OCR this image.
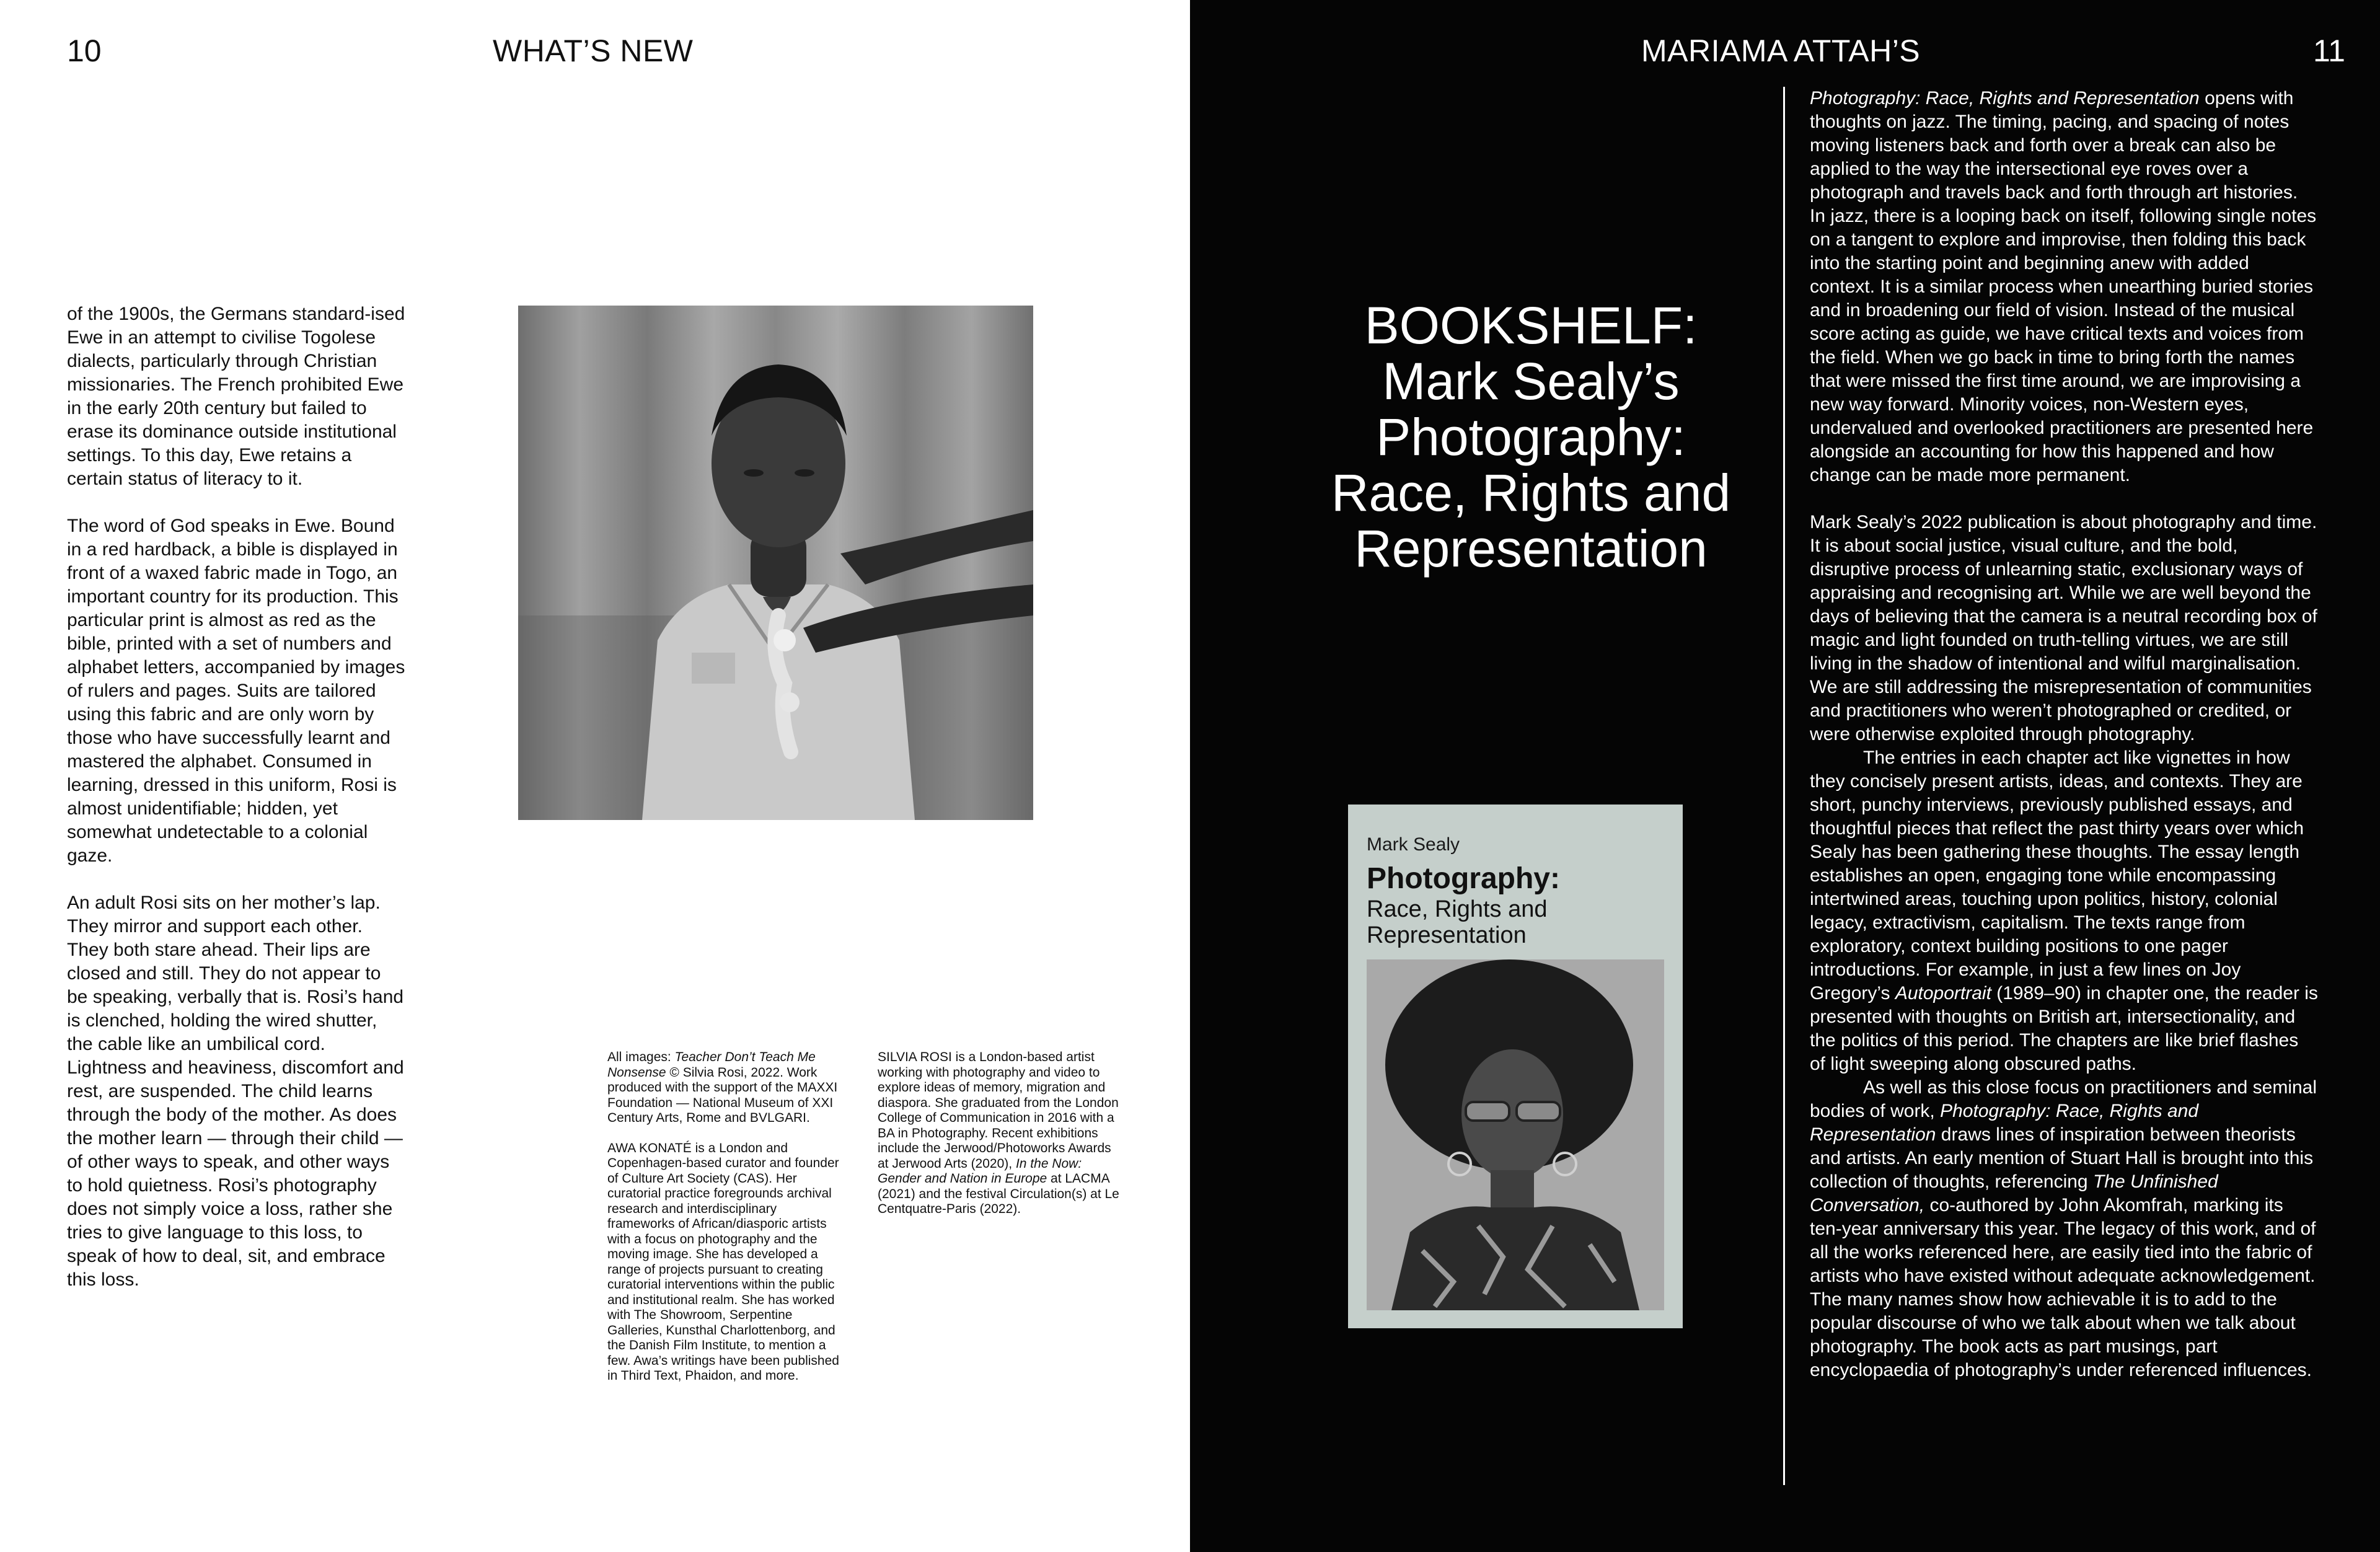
10	WHAT’S NEW

of the 1900s, the Germans standard-ised Ewe in an attempt to civilise Togolese dialects, particularly through Christian missionaries. The French prohibited Ewe in the early 20th century but failed to erase its dominance outside institutional settings. To this day, Ewe retains a certain status of literacy to it.

The word of God speaks in Ewe. Bound in a red hardback, a bible is displayed in front of a waxed fabric made in Togo, an important country for its production. This particular print is almost as red as the bible, printed with a set of numbers and alphabet letters, accompanied by images of rulers and pages. Suits are tailored using this fabric and are only worn by those who have successfully learnt and mastered the alphabet. Consumed in learning, dressed in this uniform, Rosi is almost unidentifiable; hidden, yet somewhat undetectable to a colonial gaze.

An adult Rosi sits on her mother’s lap. They mirror and support each other. They both stare ahead. Their lips are closed and still. They do not appear to be speaking, verbally that is. Rosi’s hand is clenched, holding the wired shutter, the cable like an umbilical cord. Lightness and heaviness, discomfort and rest, are suspended. The child learns through the body of the mother. As does the mother learn — through their child — of other ways to speak, and other ways to hold quietness. Rosi’s photography does not simply voice a loss, rather she tries to give language to this loss, to speak of how to deal, sit, and embrace this loss.

All images: Teacher Don’t Teach Me Nonsense © Silvia Rosi, 2022. Work produced with the support of the MAXXI Foundation — National Museum of XXI Century Arts, Rome and BVLGARI.

AWA KONATÉ is a London and Copenhagen-based curator and founder of Culture Art Society (CAS). Her curatorial practice foregrounds archival research and interdisciplinary frameworks of African/diasporic artists with a focus on photography and the moving image. She has developed a range of projects pursuant to creating curatorial interventions within the public and institutional realm. She has worked with The Showroom, Serpentine Galleries, Kunsthal Charlottenborg, and the Danish Film Institute, to mention a few. Awa’s writings have been published in Third Text, Phaidon, and more.

SILVIA ROSI is a London-based artist working with photography and video to explore ideas of memory, migration and diaspora. She graduated from the London College of Communication in 2016 with a BA in Photography. Recent exhibitions include the Jerwood/Photoworks Awards at Jerwood Arts (2020), In the Now: Gender and Nation in Europe at LACMA (2021) and the festival Circulation(s) at Le Centquatre-Paris (2022).

MARIAMA ATTAH’S	11
BOOKSHELF:
Mark Sealy’s
Photography:
Race, Rights and
Representation
Mark Sealy
Photography:
Race, Rights and Representation

Photography: Race, Rights and Representation opens with thoughts on jazz. The timing, pacing, and spacing of notes moving listeners back and forth over a break can also be applied to the way the intersectional eye roves over a photograph and travels back and forth through art histories. In jazz, there is a looping back on itself, following single notes on a tangent to explore and improvise, then folding this back into the starting point and beginning anew with added context. It is a similar process when unearthing buried stories and in broadening our field of vision. Instead of the musical score acting as guide, we have critical texts and voices from the field. When we go back in time to bring forth the names that were missed the first time around, we are improvising a new way forward. Minority voices, non-Western eyes, undervalued and overlooked practitioners are presented here alongside an accounting for how this happened and how change can be made more permanent.

Mark Sealy’s 2022 publication is about photography and time. It is about social justice, visual culture, and the bold, disruptive process of unlearning static, exclusionary ways of appraising and recognising art. While we are well beyond the days of believing that the camera is a neutral recording box of magic and light founded on truth-telling virtues, we are still living in the shadow of intentional and wilful marginalisation. We are still addressing the misrepresentation of communities and practitioners who weren’t photographed or credited, or were otherwise exploited through photography.

The entries in each chapter act like vignettes in how they concisely present artists, ideas, and contexts. They are short, punchy interviews, previously published essays, and thoughtful pieces that reflect the past thirty years over which Sealy has been gathering these thoughts. The essay length establishes an open, engaging tone while encompassing intertwined areas, touching upon politics, history, colonial legacy, extractivism, capitalism. The texts range from exploratory, context building positions to one pager introductions. For example, in just a few lines on Joy Gregory’s Autoportrait (1989–90) in chapter one, the reader is presented with thoughts on British art, intersectionality, and the politics of this period. The chapters are like brief flashes of light sweeping along obscured paths.

As well as this close focus on practitioners and seminal bodies of work, Photography: Race, Rights and Representation draws lines of inspiration between theorists and artists. An early mention of Stuart Hall is brought into this collection of thoughts, referencing The Unfinished Conversation, co-authored by John Akomfrah, marking its ten-year anniversary this year. The legacy of this work, and of all the works referenced here, are easily tied into the fabric of artists who have existed without adequate acknowledgement. The many names show how achievable it is to add to the popular discourse of who we talk about when we talk about photography. The book acts as part musings, part encyclopaedia of photography’s under referenced influences.
